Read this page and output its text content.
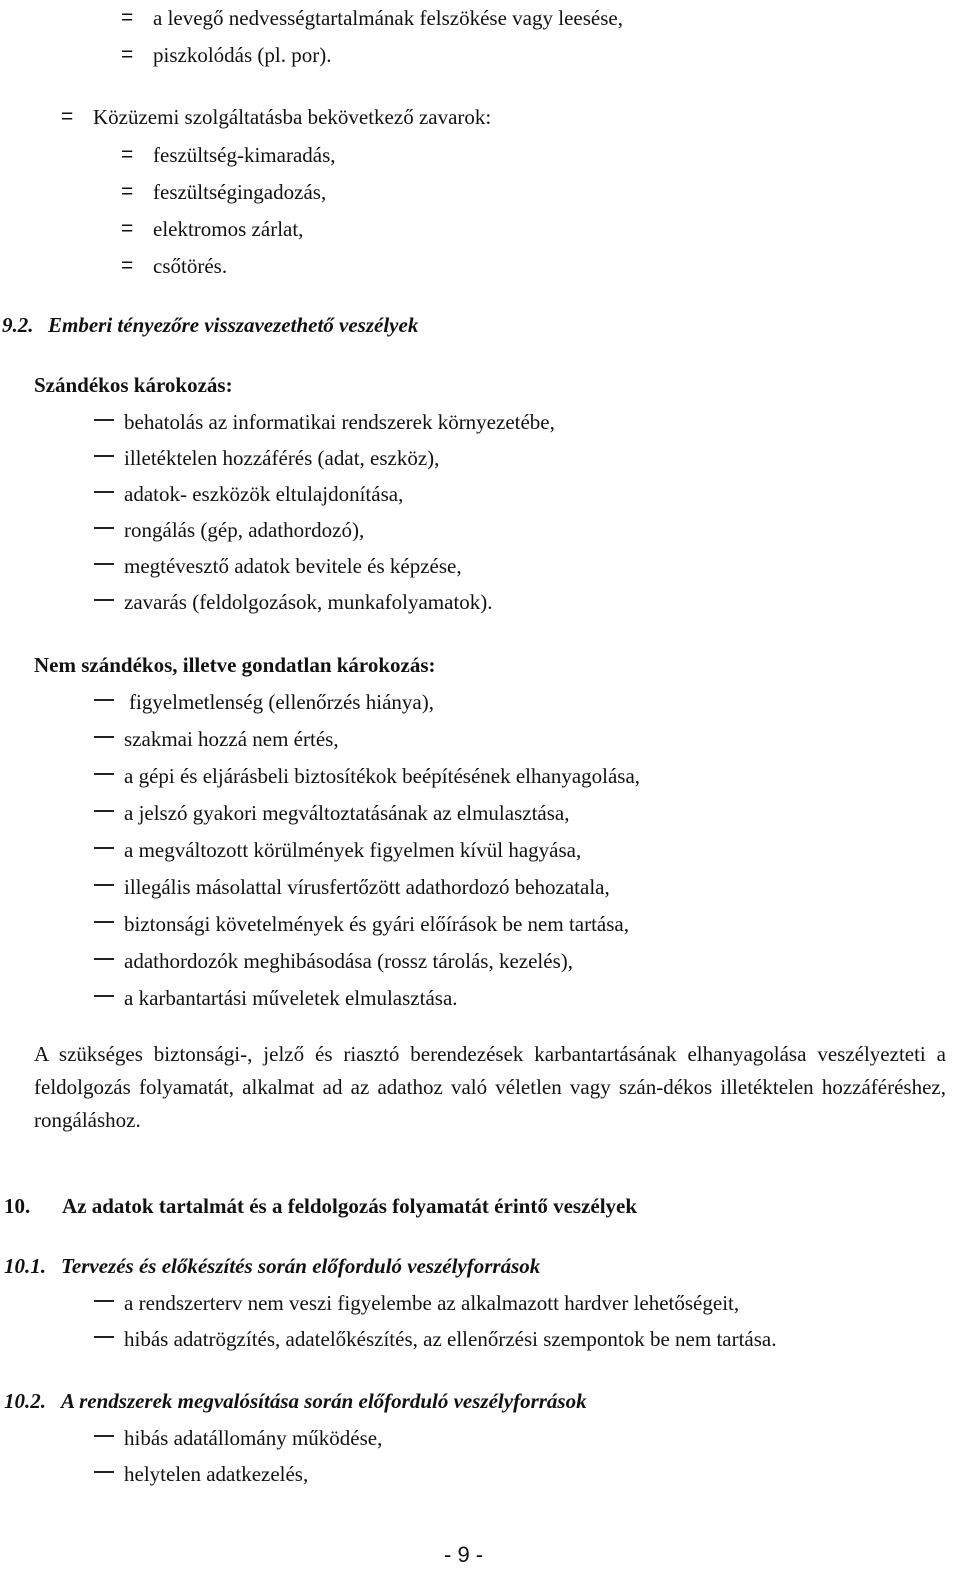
= a levegő nedvességtartalmának felszökése vagy leesése,
= piszkolódás (pl. por).
= Közüzemi szolgáltatásba bekövetkező zavarok:
= feszültség-kimaradás,
= feszültségingadozás,
= elektromos zárlat,
= csőtörés.
9.2. Emberi tényezőre visszavezethető veszélyek
Szándékos károkozás:
behatolás az informatikai rendszerek környezetébe,
illetéktelen hozzáférés (adat, eszköz),
adatok- eszközök eltulajdonítása,
rongálás (gép, adathordozó),
megtévesztő adatok bevitele és képzése,
zavarás (feldolgozások, munkafolyamatok).
Nem szándékos, illetve gondatlan károkozás:
figyelmetlenség (ellenőrzés hiánya),
szakmai hozzá nem értés,
a gépi és eljárásbeli biztosítékok beépítésének elhanyagolása,
a jelszó gyakori megváltoztatásának az elmulasztása,
a megváltozott körülmények figyelmen kívül hagyása,
illegális másolattal vírusfertőzött adathordozó behozatala,
biztonsági követelmények és gyári előírások be nem tartása,
adathordozók meghibásodása (rossz tárolás, kezelés),
a karbantartási műveletek elmulasztása.
A szükséges biztonsági-, jelző és riasztó berendezések karbantartásának elhanyagolása veszélyezteti a feldolgozás folyamatát, alkalmat ad az adathoz való véletlen vagy szán-dékos illetéktelen hozzáféréshez, rongáláshoz.
10. Az adatok tartalmát és a feldolgozás folyamatát érintő veszélyek
10.1. Tervezés és előkészítés során előforduló veszélyforrások
a rendszerterv nem veszi figyelembe az alkalmazott hardver lehetőségeit,
hibás adatrögzítés, adatelőkészítés, az ellenőrzési szempontok be nem tartása.
10.2. A rendszerek megvalósítása során előforduló veszélyforrások
hibás adatállomány működése,
helytelen adatkezelés,
- 9 -
